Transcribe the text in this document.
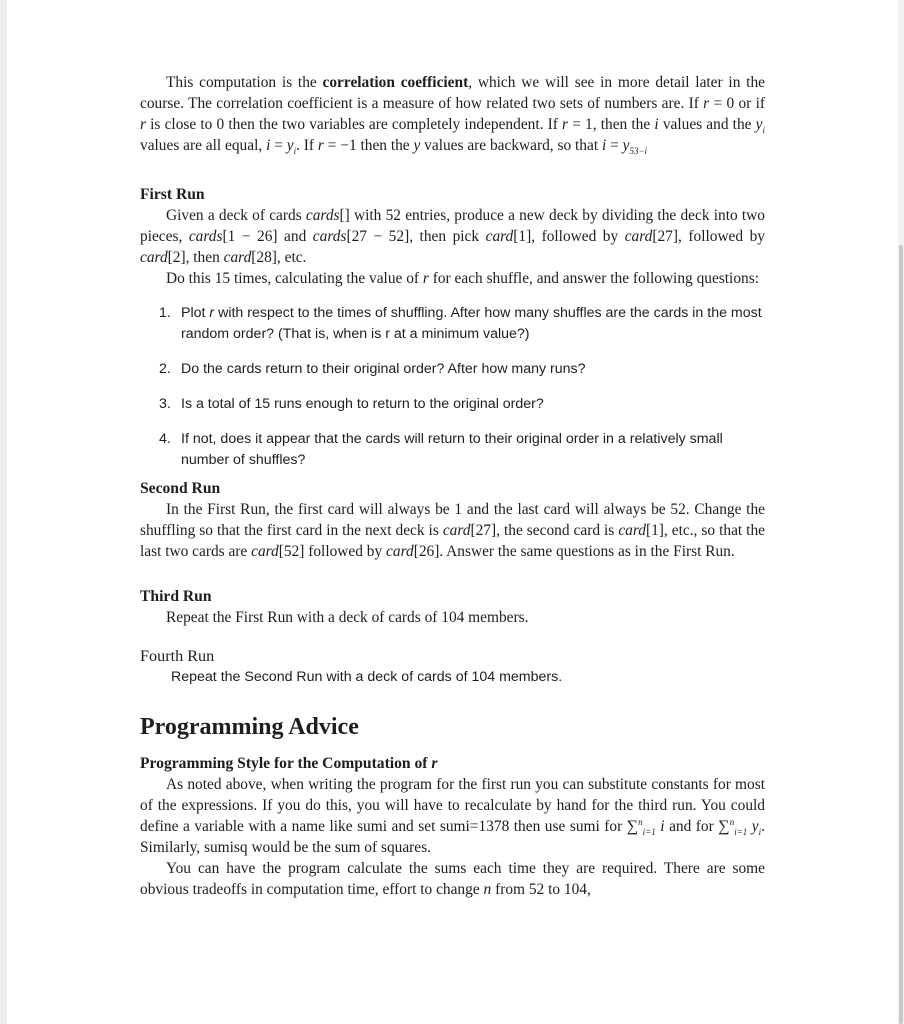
This computation is the correlation coefficient, which we will see in more detail later in the course. The correlation coefficient is a measure of how related two sets of numbers are. If r = 0 or if r is close to 0 then the two variables are completely independent. If r = 1, then the i values and the $y_i$ values are all equal, $i = y_i$. If r = −1 then the y values are backward, so that $i = y_{53-i}$

First Run

Given a deck of cards cards[] with 52 entries, produce a new deck by dividing the deck into two pieces, cards[1 − 26] and cards[27 − 52], then pick card[1], followed by card[27], followed by card[2], then card[28], etc.

Do this 15 times, calculating the value of r for each shuffle, and answer the following questions:

1. Plot r with respect to the times of shuffling. After how many shuffles are the cards in the most random order? (That is, when is r at a minimum value?)
2. Do the cards return to their original order? After how many runs?
3. Is a total of 15 runs enough to return to the original order?
4. If not, does it appear that the cards will return to their original order in a relatively small number of shuffles?

Second Run

In the First Run, the first card will always be 1 and the last card will always be 52. Change the shuffling so that the first card in the next deck is card[27], the second card is card[1], etc., so that the last two cards are card[52] followed by card[26]. Answer the same questions as in the First Run.

Third Run

Repeat the First Run with a deck of cards of 104 members.

Fourth Run

Repeat the Second Run with a deck of cards of 104 members.

Programming Advice

Programming Style for the Computation of r

As noted above, when writing the program for the first run you can substitute constants for most of the expressions. If you do this, you will have to recalculate by hand for the third run. You could define a variable with a name like sumi and set sumi=1378 then use sumi for ∑$^n_{i=1}$ i and for ∑$^n_{i=1}$ $y_i$. Similarly, sumisq would be the sum of squares.

You can have the program calculate the sums each time they are required. There are some obvious tradeoffs in computation time, effort to change n from 52 to 104,
